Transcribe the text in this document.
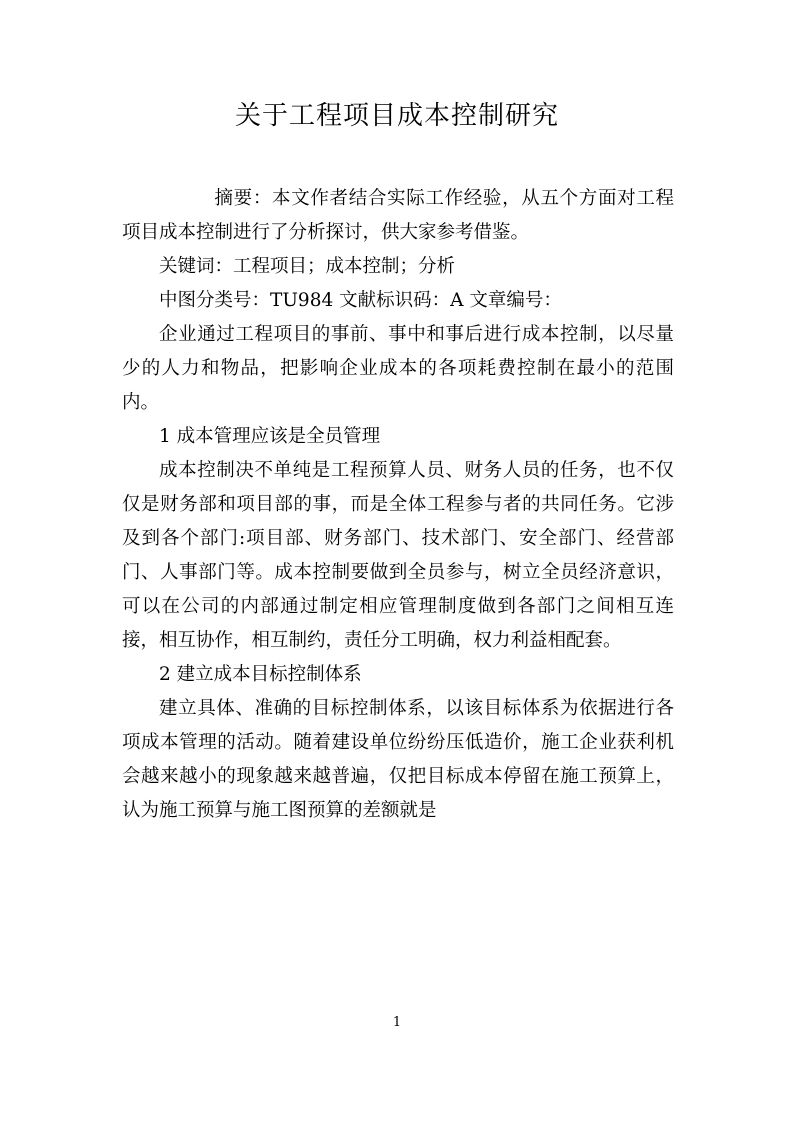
关于工程项目成本控制研究

摘要：本文作者结合实际工作经验，从五个方面对工程项目成本控制进行了分析探讨，供大家参考借鉴。

关键词：工程项目；成本控制；分析

中图分类号：TU984 文献标识码：A 文章编号：

企业通过工程项目的事前、事中和事后进行成本控制，以尽量少的人力和物品，把影响企业成本的各项耗费控制在最小的范围内。

1 成本管理应该是全员管理

成本控制决不单纯是工程预算人员、财务人员的任务，也不仅仅是财务部和项目部的事，而是全体工程参与者的共同任务。它涉及到各个部门:项目部、财务部门、技术部门、安全部门、经营部门、人事部门等。成本控制要做到全员参与，树立全员经济意识，可以在公司的内部通过制定相应管理制度做到各部门之间相互连接，相互协作，相互制约，责任分工明确，权力利益相配套。

2 建立成本目标控制体系

建立具体、准确的目标控制体系，以该目标体系为依据进行各项成本管理的活动。随着建设单位纷纷压低造价，施工企业获利机会越来越小的现象越来越普遍，仅把目标成本停留在施工预算上，认为施工预算与施工图预算的差额就是

1
